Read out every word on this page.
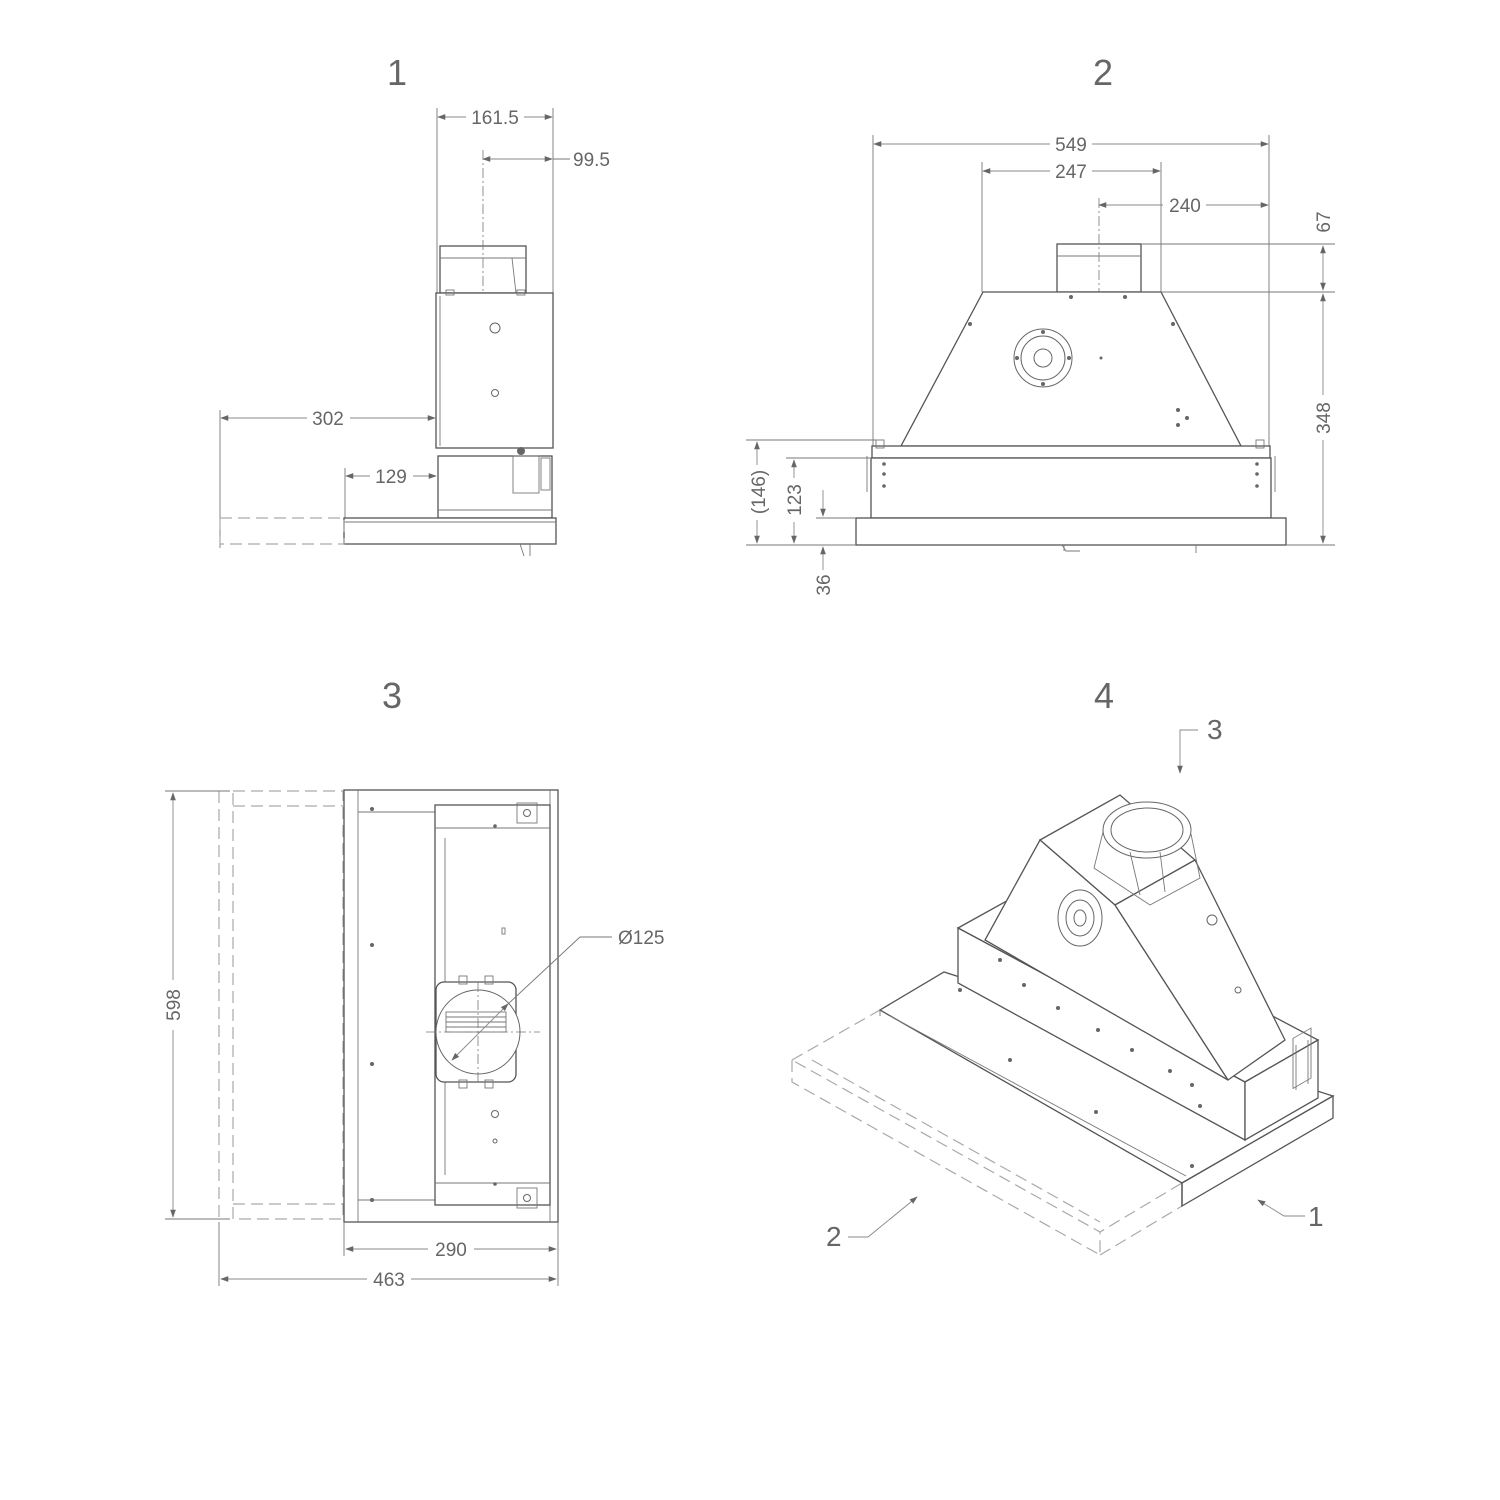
1
161.5
99.5
302
129
2
549
247
240
67
348
(146) 123
36
3
Ø125
598
290
463
4
3
2
1
